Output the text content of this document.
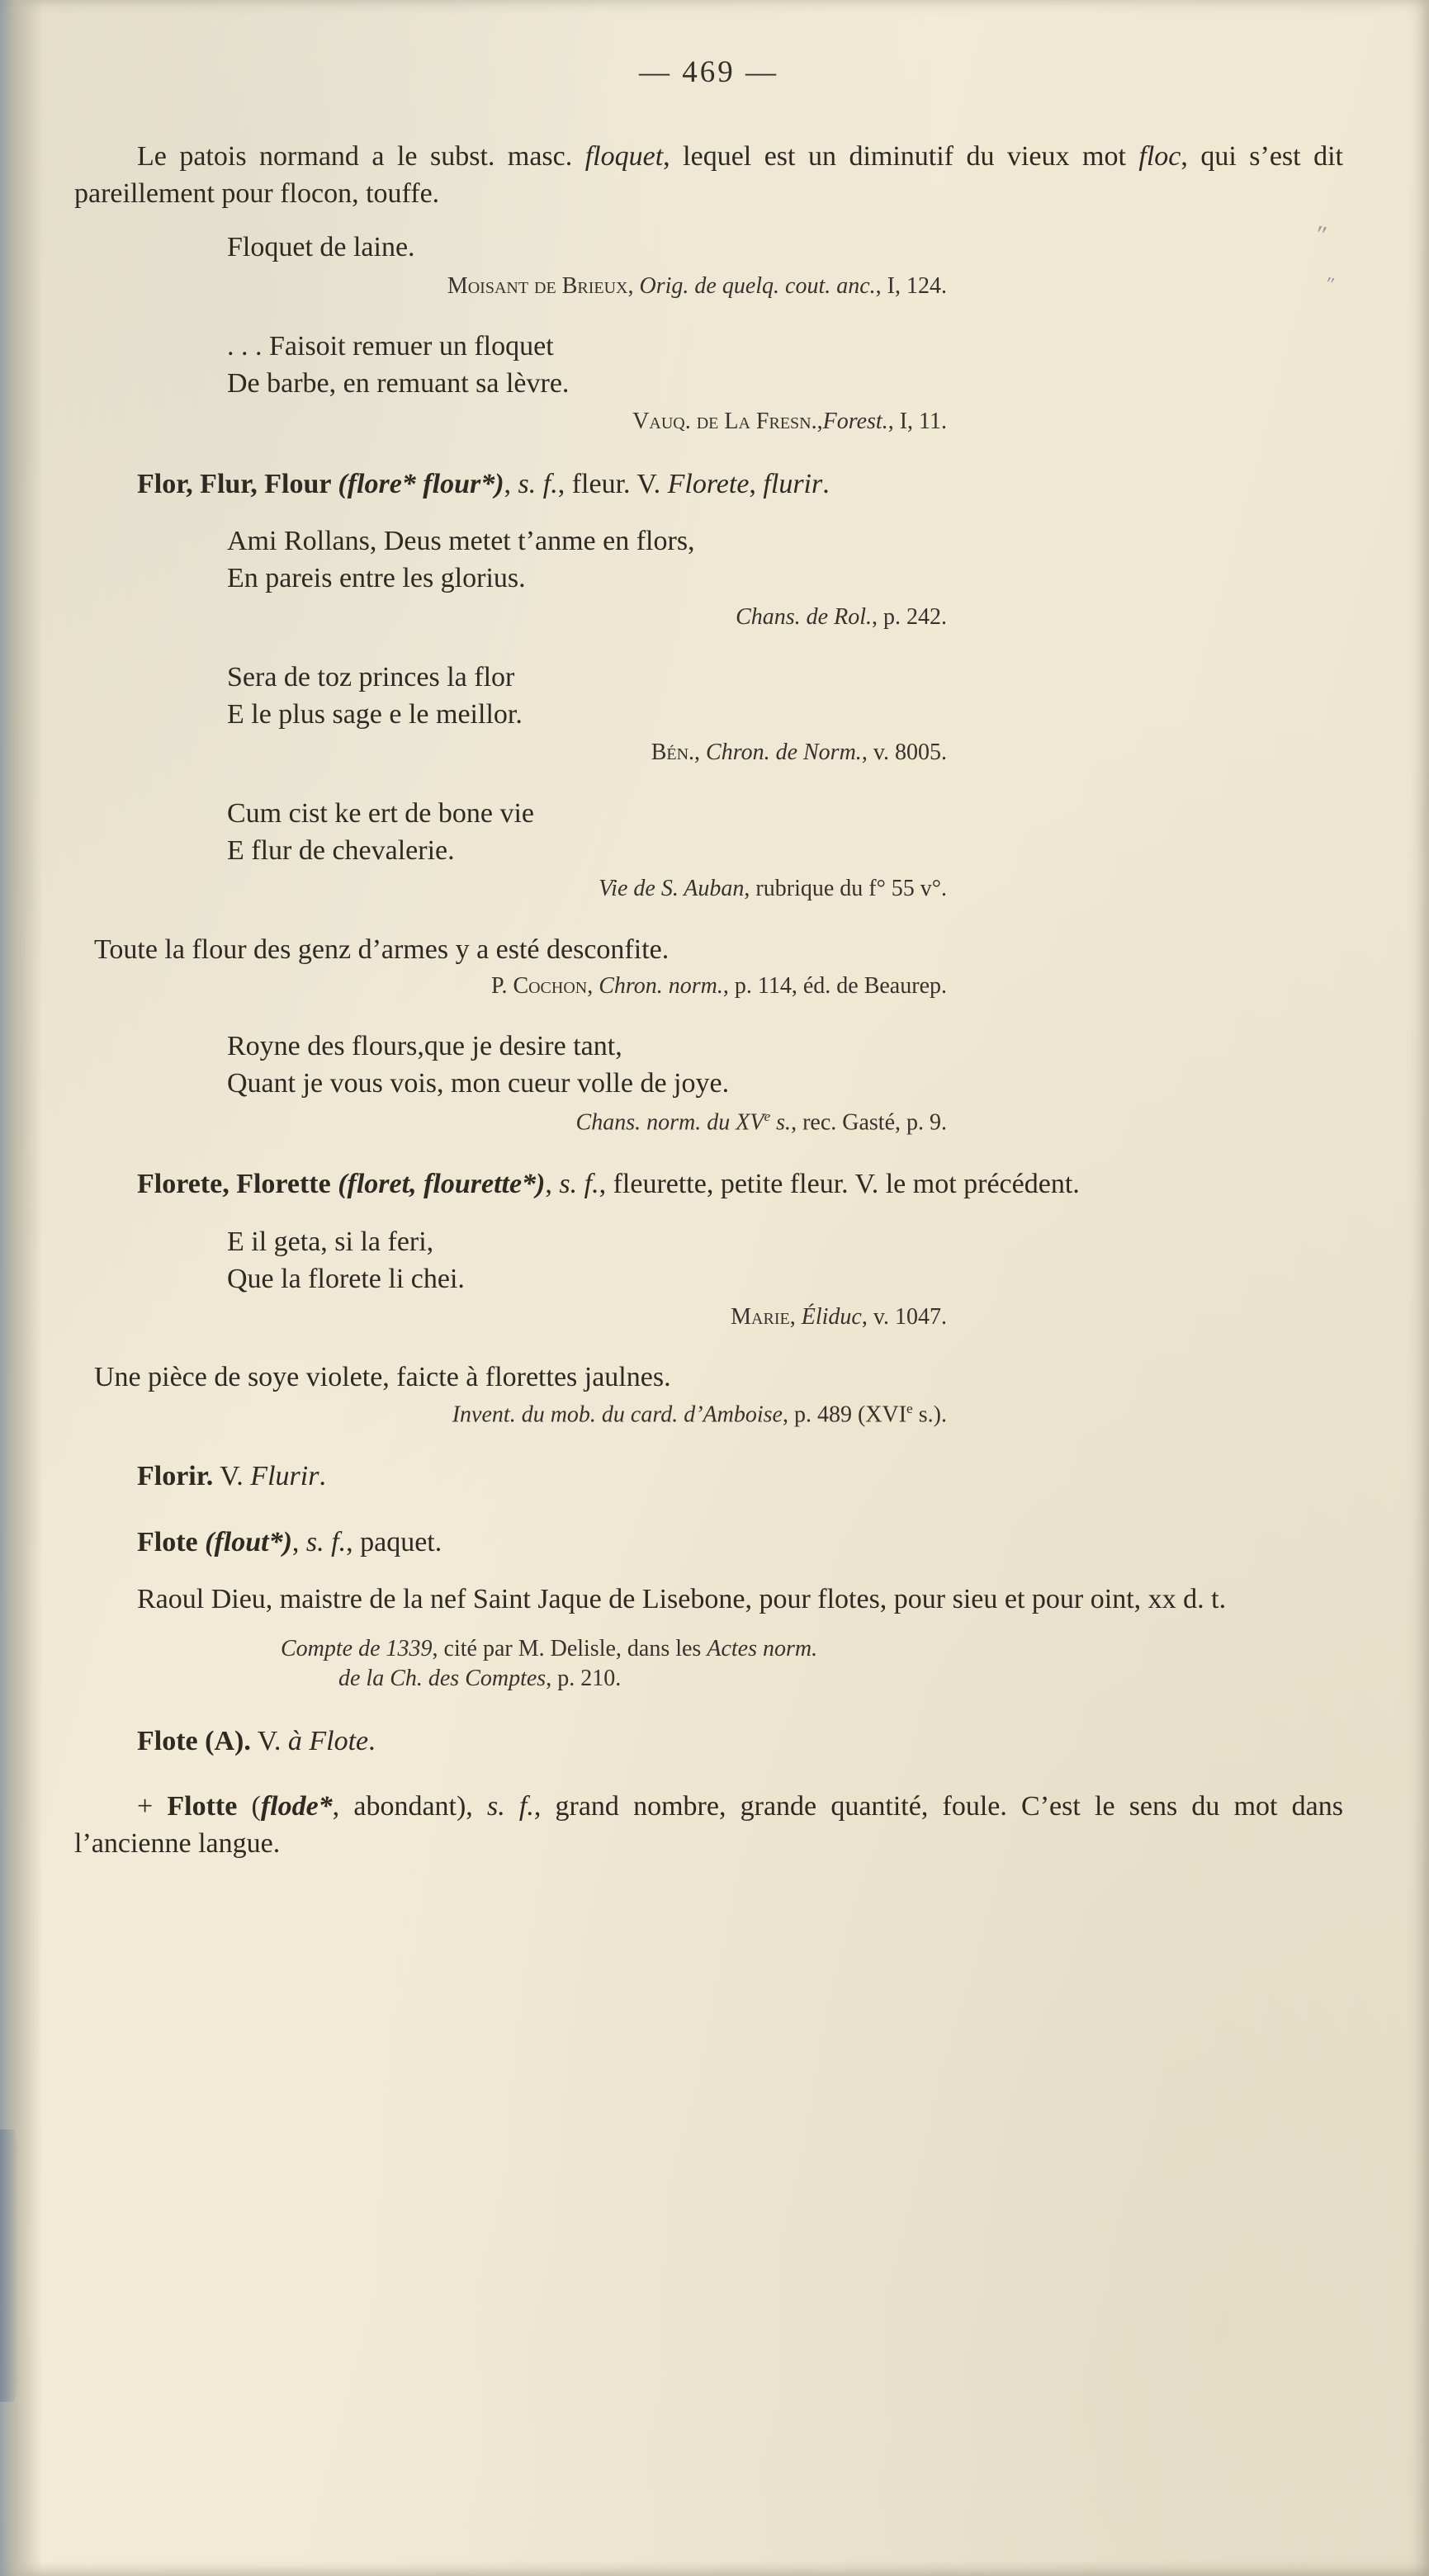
″
″
— 469 —
Le patois normand a le subst. masc. floquet, lequel est un diminutif du vieux mot floc, qui s’est dit pareillement pour flocon, touffe.
Floquet de laine.
Moisant de Brieux, Orig. de quelq. cout. anc., I, 124.
. . . Faisoit remuer un floquet
De barbe, en remuant sa lèvre.
Vauq. de La Fresn.,Forest., I, 11.
Flor, Flur, Flour (flore* flour*), s. f., fleur. V. Florete, flurir.
Ami Rollans, Deus metet t’anme en flors,
En pareis entre les glorius.
Chans. de Rol., p. 242.
Sera de toz princes la flor
E le plus sage e le meillor.
Bén., Chron. de Norm., v. 8005.
Cum cist ke ert de bone vie
E flur de chevalerie.
Vie de S. Auban, rubrique du f° 55 v°.
Toute la flour des genz d’armes y a esté desconfite.
P. Cochon, Chron. norm., p. 114, éd. de Beaurep.
Royne des flours,que je desire tant,
Quant je vous vois, mon cueur volle de joye.
Chans. norm. du XVe s., rec. Gasté, p. 9.
Florete, Florette (floret, flourette*), s. f., fleurette, petite fleur. V. le mot précédent.
E il geta, si la feri,
Que la florete li chei.
Marie, Éliduc, v. 1047.
Une pièce de soye violete, faicte à florettes jaulnes.
Invent. du mob. du card. d’Amboise, p. 489 (XVIe s.).
Florir. V. Flurir.
Flote (flout*), s. f., paquet.
Raoul Dieu, maistre de la nef Saint Jaque de Lisebone, pour flotes, pour sieu et pour oint, xx d. t.
Compte de 1339, cité par M. Delisle, dans les Actes norm.
de la Ch. des Comptes, p. 210.
Flote (A). V. à Flote.
+ Flotte (flode*, abondant), s. f., grand nombre, grande quantité, foule. C’est le sens du mot dans l’ancienne langue.
